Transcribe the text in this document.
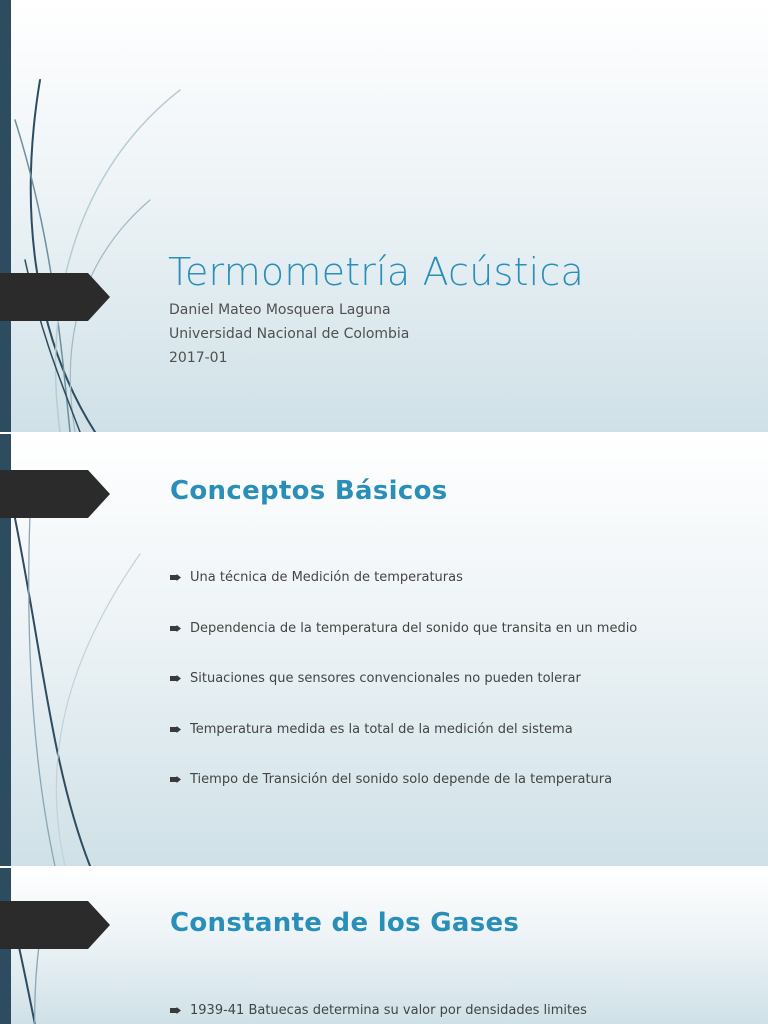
Termometría Acústica
Daniel Mateo Mosquera Laguna
Universidad Nacional de Colombia
2017-01
Conceptos Básicos
Una técnica de Medición de temperaturas
Dependencia de la temperatura del sonido que transita en un medio
Situaciones que sensores convencionales no pueden tolerar
Temperatura medida es la total de la medición del sistema
Tiempo de Transición del sonido solo depende de la temperatura
Constante de los Gases
1939-41 Batuecas determina su valor por densidades limites
